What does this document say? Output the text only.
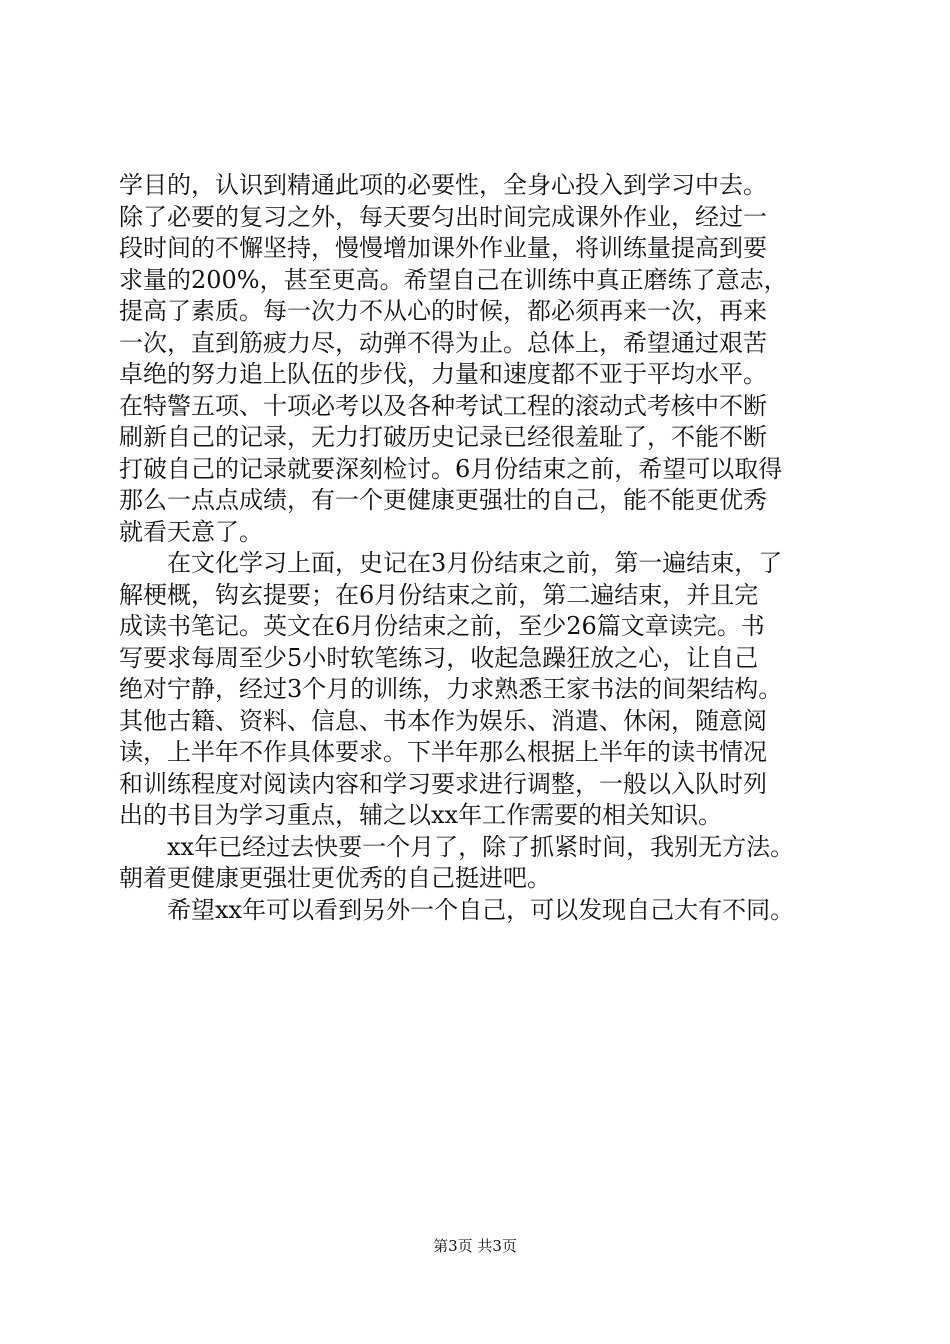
学目的，认识到精通此项的必要性，全身心投入到学习中去。
除了必要的复习之外，每天要匀出时间完成课外作业，经过一
段时间的不懈坚持，慢慢增加课外作业量，将训练量提高到要
求量的200%，甚至更高。希望自己在训练中真正磨练了意志，
提高了素质。每一次力不从心的时候，都必须再来一次，再来
一次，直到筋疲力尽，动弹不得为止。总体上，希望通过艰苦
卓绝的努力追上队伍的步伐，力量和速度都不亚于平均水平。
在特警五项、十项必考以及各种考试工程的滚动式考核中不断
刷新自己的记录，无力打破历史记录已经很羞耻了，不能不断
打破自己的记录就要深刻检讨。6月份结束之前，希望可以取得
那么一点点成绩，有一个更健康更强壮的自己，能不能更优秀
就看天意了。
　　在文化学习上面，史记在3月份结束之前，第一遍结束，了
解梗概，钩玄提要；在6月份结束之前，第二遍结束，并且完
成读书笔记。英文在6月份结束之前，至少26篇文章读完。书
写要求每周至少5小时软笔练习，收起急躁狂放之心，让自己
绝对宁静，经过3个月的训练，力求熟悉王家书法的间架结构。
其他古籍、资料、信息、书本作为娱乐、消遣、休闲，随意阅
读，上半年不作具体要求。下半年那么根据上半年的读书情况
和训练程度对阅读内容和学习要求进行调整，一般以入队时列
出的书目为学习重点，辅之以xx年工作需要的相关知识。
　　xx年已经过去快要一个月了，除了抓紧时间，我别无方法。
朝着更健康更强壮更优秀的自己挺进吧。
　　希望xx年可以看到另外一个自己，可以发现自己大有不同。
第3页 共3页
